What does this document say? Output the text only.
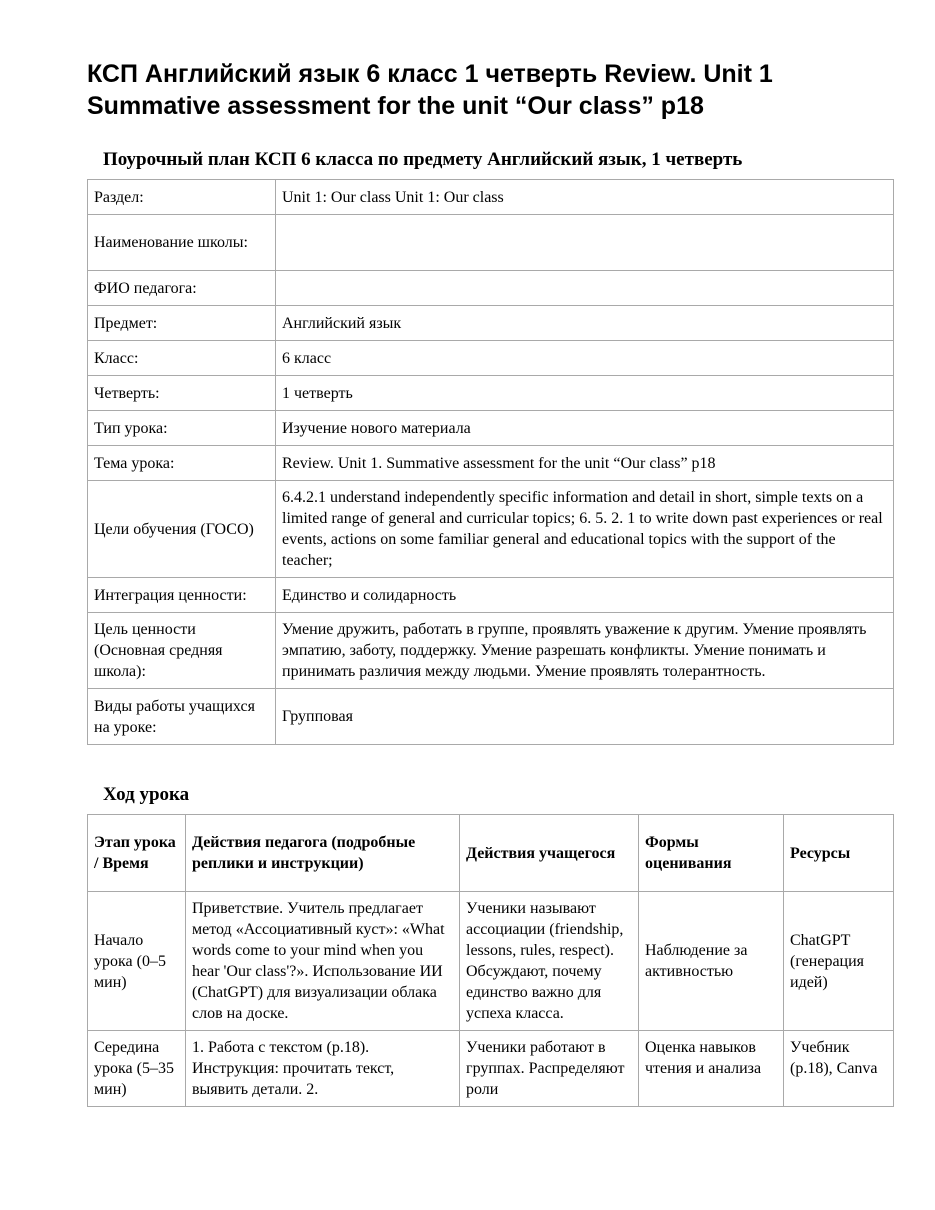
КСП Английский язык 6 класс 1 четверть Review. Unit 1 Summative assessment for the unit “Our class” p18
Поурочный план КСП 6 класса по предмету Английский язык, 1 четверть
Раздел:	Unit 1: Our class Unit 1: Our class
Наименование школы:	
ФИО педагога:	
Предмет:	Английский язык
Класс:	6 класс
Четверть:	1 четверть
Тип урока:	Изучение нового материала
Тема урока:	Review. Unit 1. Summative assessment for the unit “Our class” p18
Цели обучения (ГОСО)	6.4.2.1 understand independently specific information and detail in short, simple texts on a limited range of general and curricular topics; 6. 5. 2. 1 to write down past experiences or real events, actions on some familiar general and educational topics with the support of the teacher;
Интеграция ценности:	Единство и солидарность
Цель ценности (Основная средняя школа):	Умение дружить, работать в группе, проявлять уважение к другим. Умение проявлять эмпатию, заботу, поддержку. Умение разрешать конфликты. Умение понимать и принимать различия между людьми. Умение проявлять толерантность.
Виды работы учащихся на уроке:	Групповая
Ход урока
Этап урока / Время	Действия педагога (подробные реплики и инструкции)	Действия учащегося	Формы оценивания	Ресурсы
Начало урока (0–5 мин)	Приветствие. Учитель предлагает метод «Ассоциативный куст»: «What words come to your mind when you hear 'Our class'?». Использование ИИ (ChatGPT) для визуализации облака слов на доске.	Ученики называют ассоциации (friendship, lessons, rules, respect). Обсуждают, почему единство важно для успеха класса.	Наблюдение за активностью	ChatGPT (генерация идей)
Середина урока (5–35 мин)	1. Работа с текстом (p.18). Инструкция: прочитать текст, выявить детали. 2.	Ученики работают в группах. Распределяют роли	Оценка навыков чтения и анализа	Учебник (p.18), Canva
